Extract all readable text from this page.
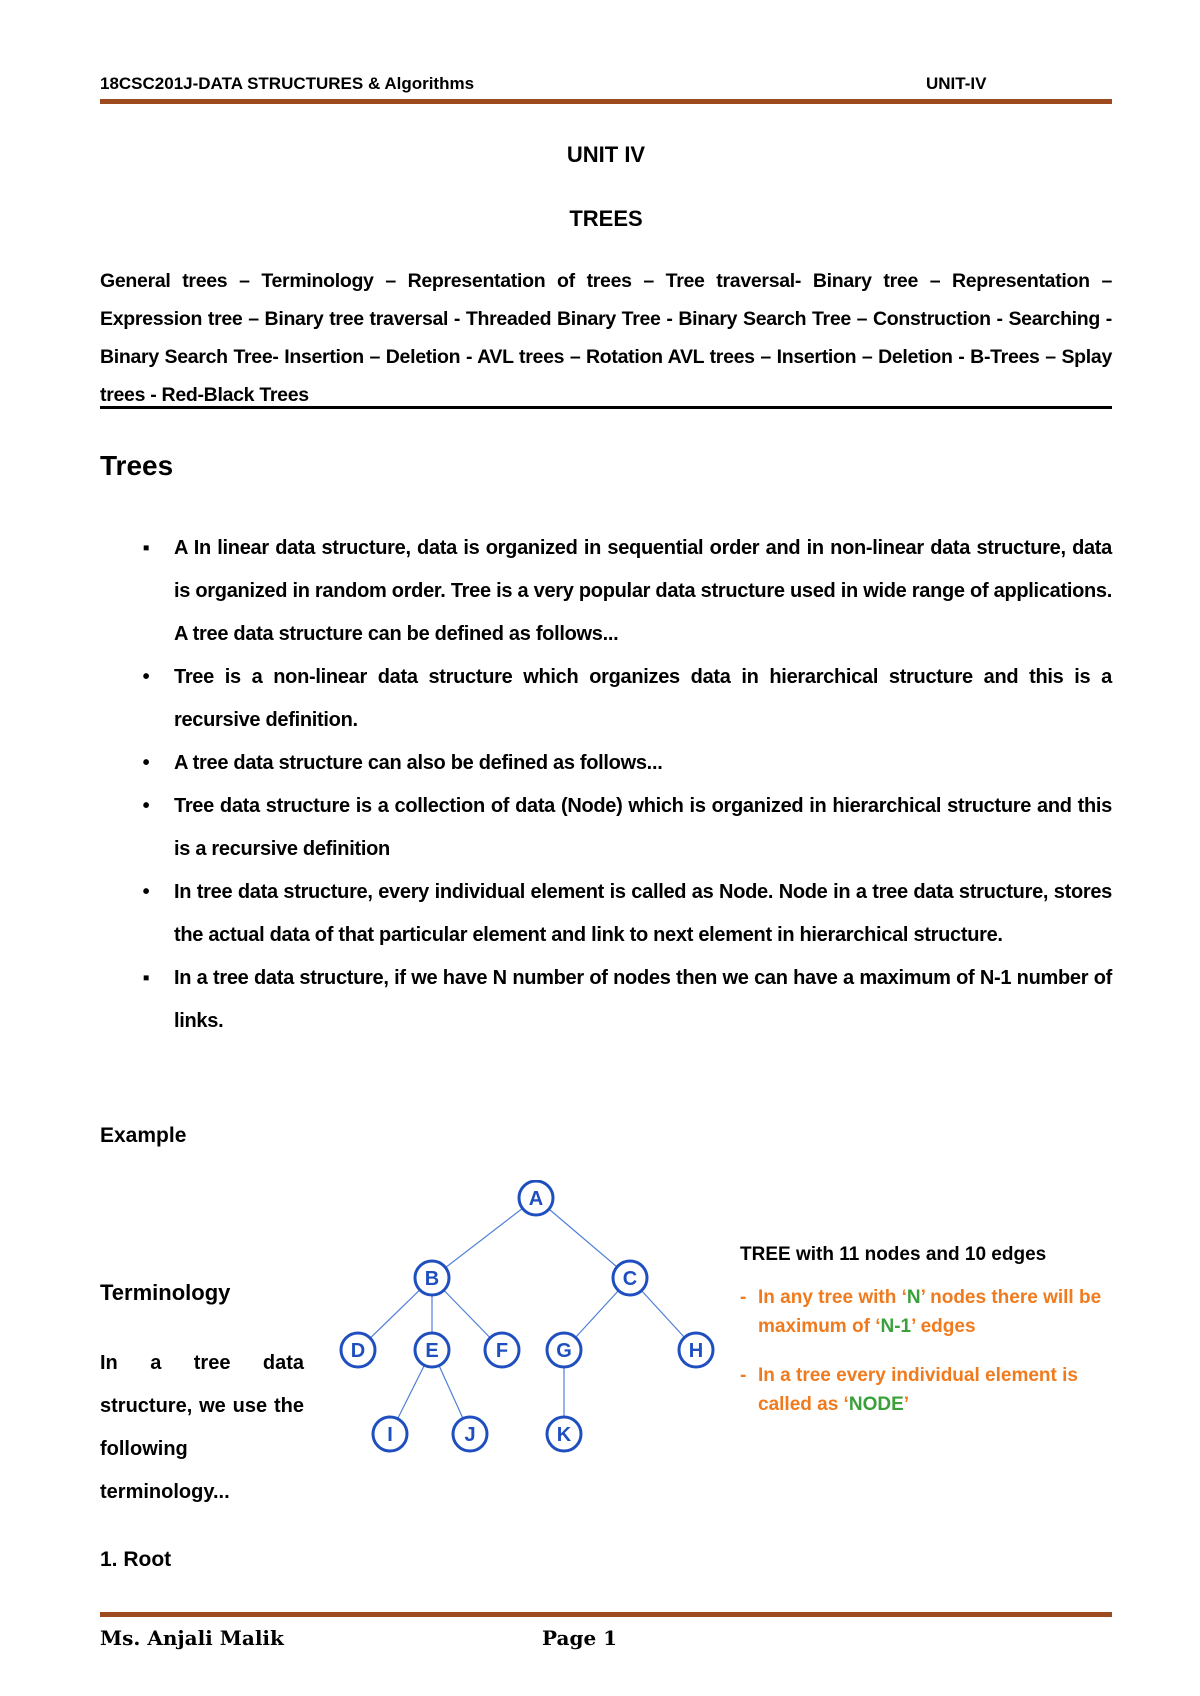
18CSC201J-DATA STRUCTURES & Algorithms	UNIT-IV
UNIT IV
TREES
General trees – Terminology – Representation of trees – Tree traversal- Binary tree – Representation – Expression tree – Binary tree traversal - Threaded Binary Tree - Binary Search Tree – Construction - Searching - Binary Search Tree- Insertion – Deletion - AVL trees – Rotation AVL trees – Insertion – Deletion - B-Trees – Splay trees - Red-Black Trees
Trees
▪	A In linear data structure, data is organized in sequential order and in non-linear data structure, data is organized in random order. Tree is a very popular data structure used in wide range of applications. A tree data structure can be defined as follows...
•	Tree is a non-linear data structure which organizes data in hierarchical structure and this is a recursive definition.
•	A tree data structure can also be defined as follows...
•	Tree data structure is a collection of data (Node) which is organized in hierarchical structure and this is a recursive definition
•	In tree data structure, every individual element is called as Node. Node in a tree data structure, stores the actual data of that particular element and link to next element in hierarchical structure.
▪	In a tree data structure, if we have N number of nodes then we can have a maximum of N-1 number of links.
Example
Terminology
In a tree data structure, we use the following
terminology...
A
B	C
D	E	F G	H
I	J	K
TREE with 11 nodes and 10 edges
- In any tree with ‘N’ nodes there will be maximum of ‘N-1’ edges
- In a tree every individual element is called as ‘NODE’
1. Root
Ms. Anjali Malik	Page 1
